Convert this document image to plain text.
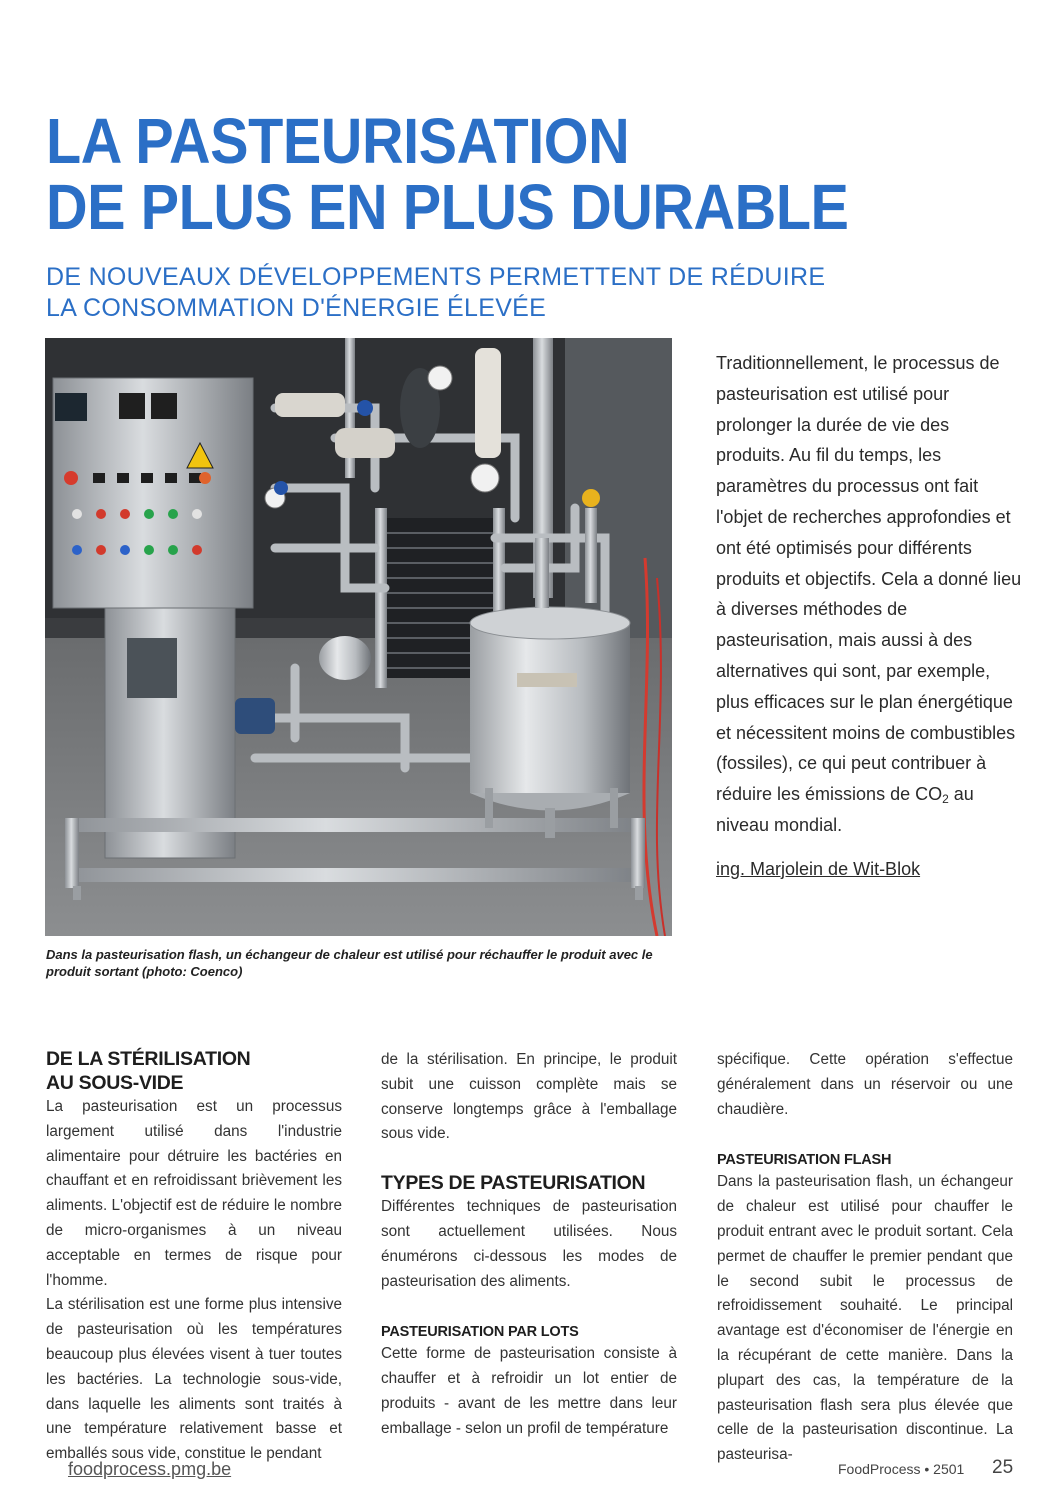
LA PASTEURISATION
DE PLUS EN PLUS DURABLE
DE NOUVEAUX DÉVELOPPEMENTS PERMETTENT DE RÉDUIRE
LA CONSOMMATION D'ÉNERGIE ÉLEVÉE
Dans la pasteurisation flash, un échangeur de chaleur est utilisé pour réchauffer le produit avec le produit sortant (photo: Coenco)

Traditionnellement, le processus de pasteurisation est utilisé pour prolonger la durée de vie des produits. Au fil du temps, les paramètres du processus ont fait l'objet de recherches approfondies et ont été optimisés pour différents produits et objectifs. Cela a donné lieu à diverses méthodes de pasteurisation, mais aussi à des alternatives qui sont, par exemple, plus efficaces sur le plan énergétique et nécessitent moins de combustibles (fossiles), ce qui peut contribuer à réduire les émissions de $CO_2$ au niveau mondial.

ing. Marjolein de Wit-Blok

DE LA STÉRILISATION
AU SOUS-VIDE

La pasteurisation est un processus largement utilisé dans l'industrie alimentaire pour détruire les bactéries en chauffant et en refroidissant brièvement les aliments. L'objectif est de réduire le nombre de micro-organismes à un niveau acceptable en termes de risque pour l'homme.

La stérilisation est une forme plus intensive de pasteurisation où les températures beaucoup plus élevées visent à tuer toutes les bactéries. La technologie sous-vide, dans laquelle les aliments sont traités à une température relativement basse et emballés sous vide, constitue le pendant

de la stérilisation. En principe, le produit subit une cuisson complète mais se conserve longtemps grâce à l'emballage sous vide.

TYPES DE PASTEURISATION

Différentes techniques de pasteurisation sont actuellement utilisées. Nous énumérons ci-dessous les modes de pasteurisation des aliments.

PASTEURISATION PAR LOTS

Cette forme de pasteurisation consiste à chauffer et à refroidir un lot entier de produits - avant de les mettre dans leur emballage - selon un profil de température

spécifique. Cette opération s'effectue généralement dans un réservoir ou une chaudière.

PASTEURISATION FLASH

Dans la pasteurisation flash, un échangeur de chaleur est utilisé pour chauffer le produit entrant avec le produit sortant. Cela permet de chauffer le premier pendant que le second subit le processus de refroidissement souhaité. Le principal avantage est d'économiser de l'énergie en la récupérant de cette manière. Dans la plupart des cas, la température de la pasteurisation flash sera plus élevée que celle de la pasteurisation discontinue. La pasteurisa-

foodprocess.pmg.be	FoodProcess • 2501 25
